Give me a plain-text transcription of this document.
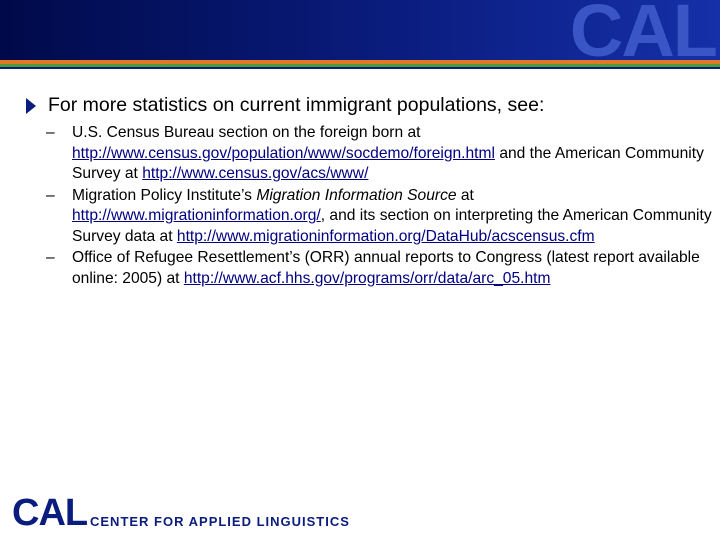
CAL
For more statistics on current immigrant populations, see:
– U.S. Census Bureau section on the foreign born at http://www.census.gov/population/www/socdemo/foreign.html and the American Community Survey at http://www.census.gov/acs/www/
– Migration Policy Institute’s Migration Information Source at http://www.migrationinformation.org/, and its section on interpreting the American Community Survey data at http://www.migrationinformation.org/DataHub/acscensus.cfm
– Office of Refugee Resettlement’s (ORR) annual reports to Congress (latest report available online: 2005) at http://www.acf.hhs.gov/programs/orr/data/arc_05.htm
CAL CENTER FOR APPLIED LINGUISTICS
